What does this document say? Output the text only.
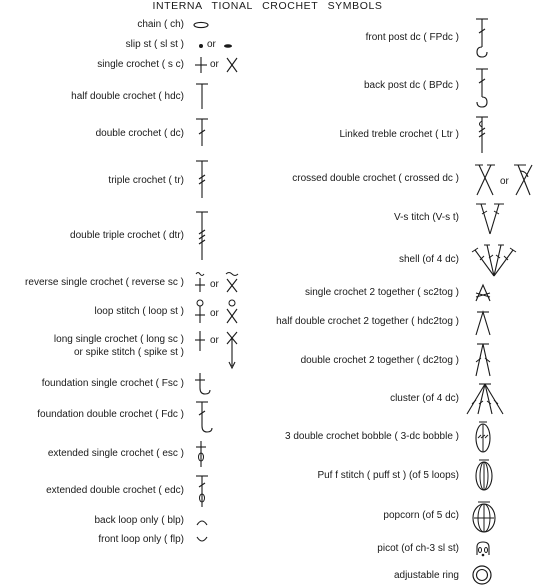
INTERNA TIONAL CROCHET SYMBOLS
chain ( ch)
slip st ( sl st ) or
single crochet ( s c)	or
half double crochet ( hdc)
double crochet ( dc)
triple crochet ( tr)
double triple crochet ( dtr)
reverse single crochet ( reverse sc )	or
loop stitch ( loop st )	or
long single crochet ( long sc )
or spike stitch ( spike st )
or
foundation single crochet ( Fsc )
foundation double crochet ( Fdc )
extended single crochet ( esc )
extended double crochet ( edc)
back loop only ( blp)
front loop only ( flp)
front post dc ( FPdc )
back post dc ( BPdc )
Linked treble crochet ( Ltr )
crossed double crochet ( crossed dc )	or
V-s titch (V-s t)
shell (of 4 dc)
single crochet 2 together ( sc2tog )
half double crochet 2 together ( hdc2tog )
double crochet 2 together ( dc2tog )
cluster (of 4 dc)
3 double crochet bobble ( 3-dc bobble )
Puf f stitch ( puff st ) (of 5 loops)
popcorn (of 5 dc)
picot (of ch-3 sl st)
adjustable ring
